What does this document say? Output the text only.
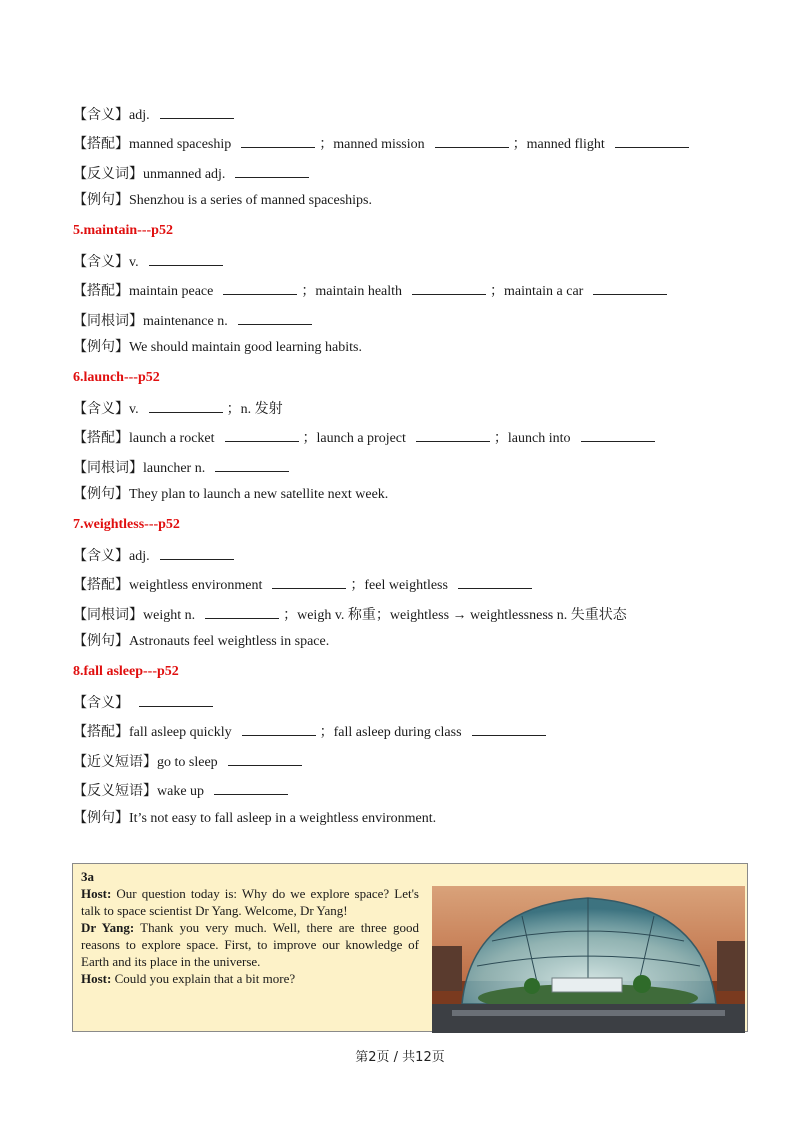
【含义】adj.
【搭配】manned spaceship	；manned mission	；manned flight
【反义词】unmanned adj.
【例句】Shenzhou is a series of manned spaceships.
5.maintain---p52
【含义】v.
【搭配】maintain peace	；maintain health	；maintain a car
【同根词】maintenance n.
【例句】We should maintain good learning habits.
6.launch---p52
【含义】v.	；n. 发射
【搭配】launch a rocket	；launch a project	；launch into
【同根词】launcher n.
【例句】They plan to launch a new satellite next week.
7.weightless---p52
【含义】adj.
【搭配】weightless environment	；feel weightless
【同根词】weight n.	；weigh v. 称重；weightless → weightlessness n. 失重状态
【例句】Astronauts feel weightless in space.
8.fall asleep---p52
【含义】
【搭配】fall asleep quickly	；fall asleep during class
【近义短语】go to sleep
【反义短语】wake up
【例句】It’s not easy to fall asleep in a weightless environment.
3a
Host: Our question today is: Why do we explore space? Let's talk to space scientist Dr Yang. Welcome, Dr Yang!
Dr Yang: Thank you very much. Well, there are three good reasons to explore space. First, to improve our knowledge of Earth and its place in the universe.
Host: Could you explain that a bit more?
第2页 / 共12页
